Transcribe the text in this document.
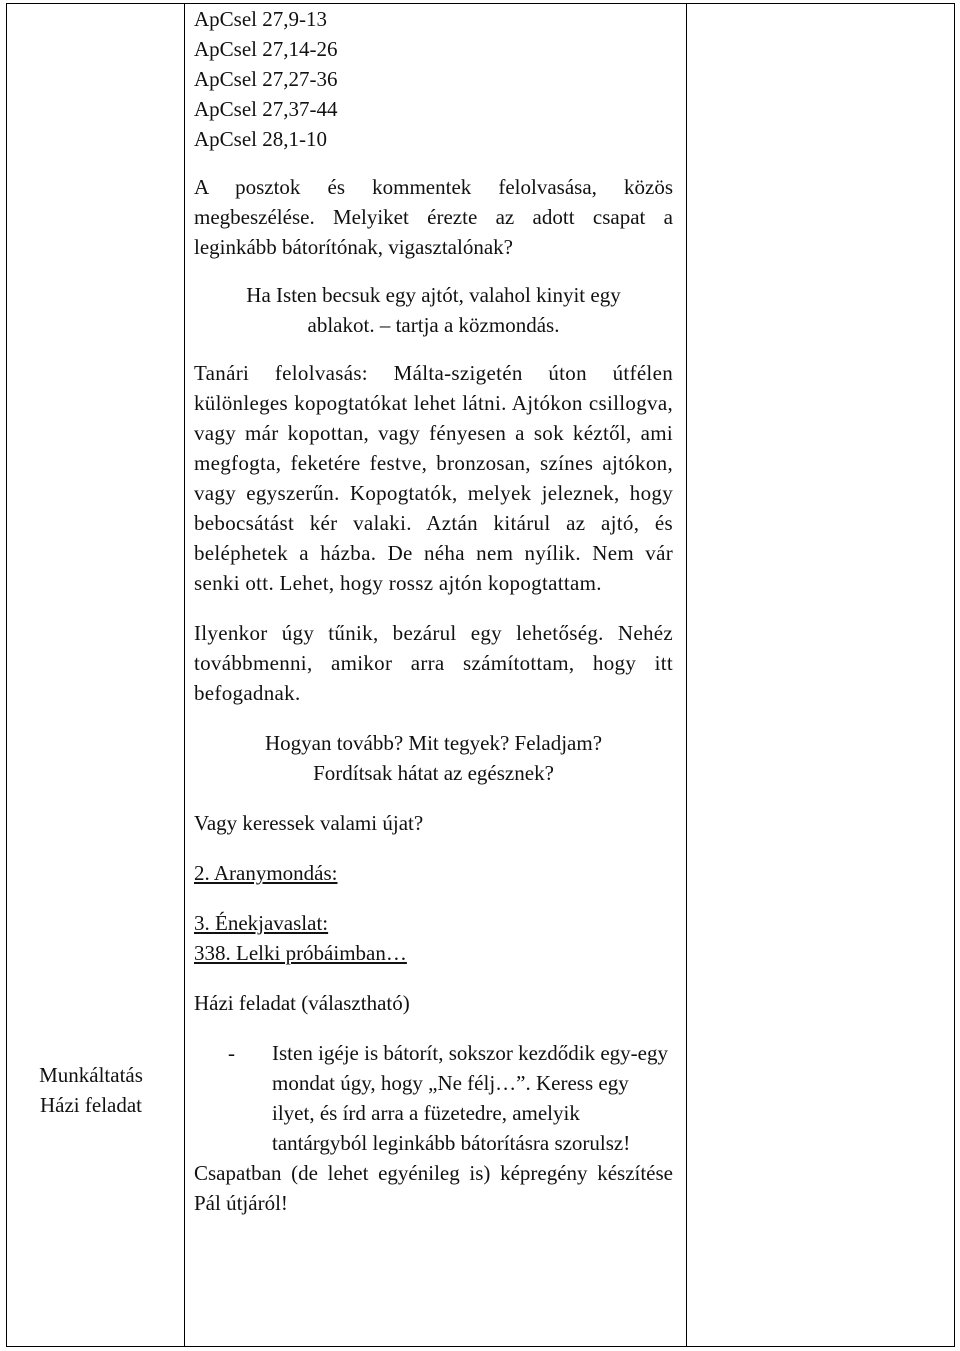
Munkáltatás
Házi feladat

ApCsel 27,9-13

ApCsel 27,14-26

ApCsel 27,27-36

ApCsel 27,37-44

ApCsel 28,1-10

A posztok és kommentek felolvasása, közös megbeszélése. Melyiket érezte az adott csapat a leginkább bátorítónak, vigasztalónak?

Ha Isten becsuk egy ajtót, valahol kinyit egy

ablakot. – tartja a közmondás.

Tanári felolvasás: Málta-szigetén úton útfélen különleges kopogtatókat lehet látni. Ajtókon csillogva, vagy már kopottan, vagy fényesen a sok kéztől, ami megfogta, feketére festve, bronzosan, színes ajtókon, vagy egyszerűn. Kopogtatók, melyek jeleznek, hogy bebocsátást kér valaki. Aztán kitárul az ajtó, és beléphetek a házba. De néha nem nyílik. Nem vár senki ott. Lehet, hogy rossz ajtón kopogtattam.

Ilyenkor úgy tűnik, bezárul egy lehetőség. Nehéz továbbmenni, amikor arra számítottam, hogy itt befogadnak.

Hogyan tovább? Mit tegyek? Feladjam?

Fordítsak hátat az egésznek?

Vagy keressek valami újat?

2. Aranymondás:

3. Énekjavaslat:

338. Lelki próbáimban…

Házi feladat (választható)

-	Isten igéje is bátorít, sokszor kezdődik egy-egy mondat úgy, hogy „Ne félj…”. Keress egy ilyet, és írd arra a füzetedre, amelyik tantárgyból leginkább bátorításra szorulsz!

Csapatban (de lehet egyénileg is) képregény készítése Pál útjáról!
